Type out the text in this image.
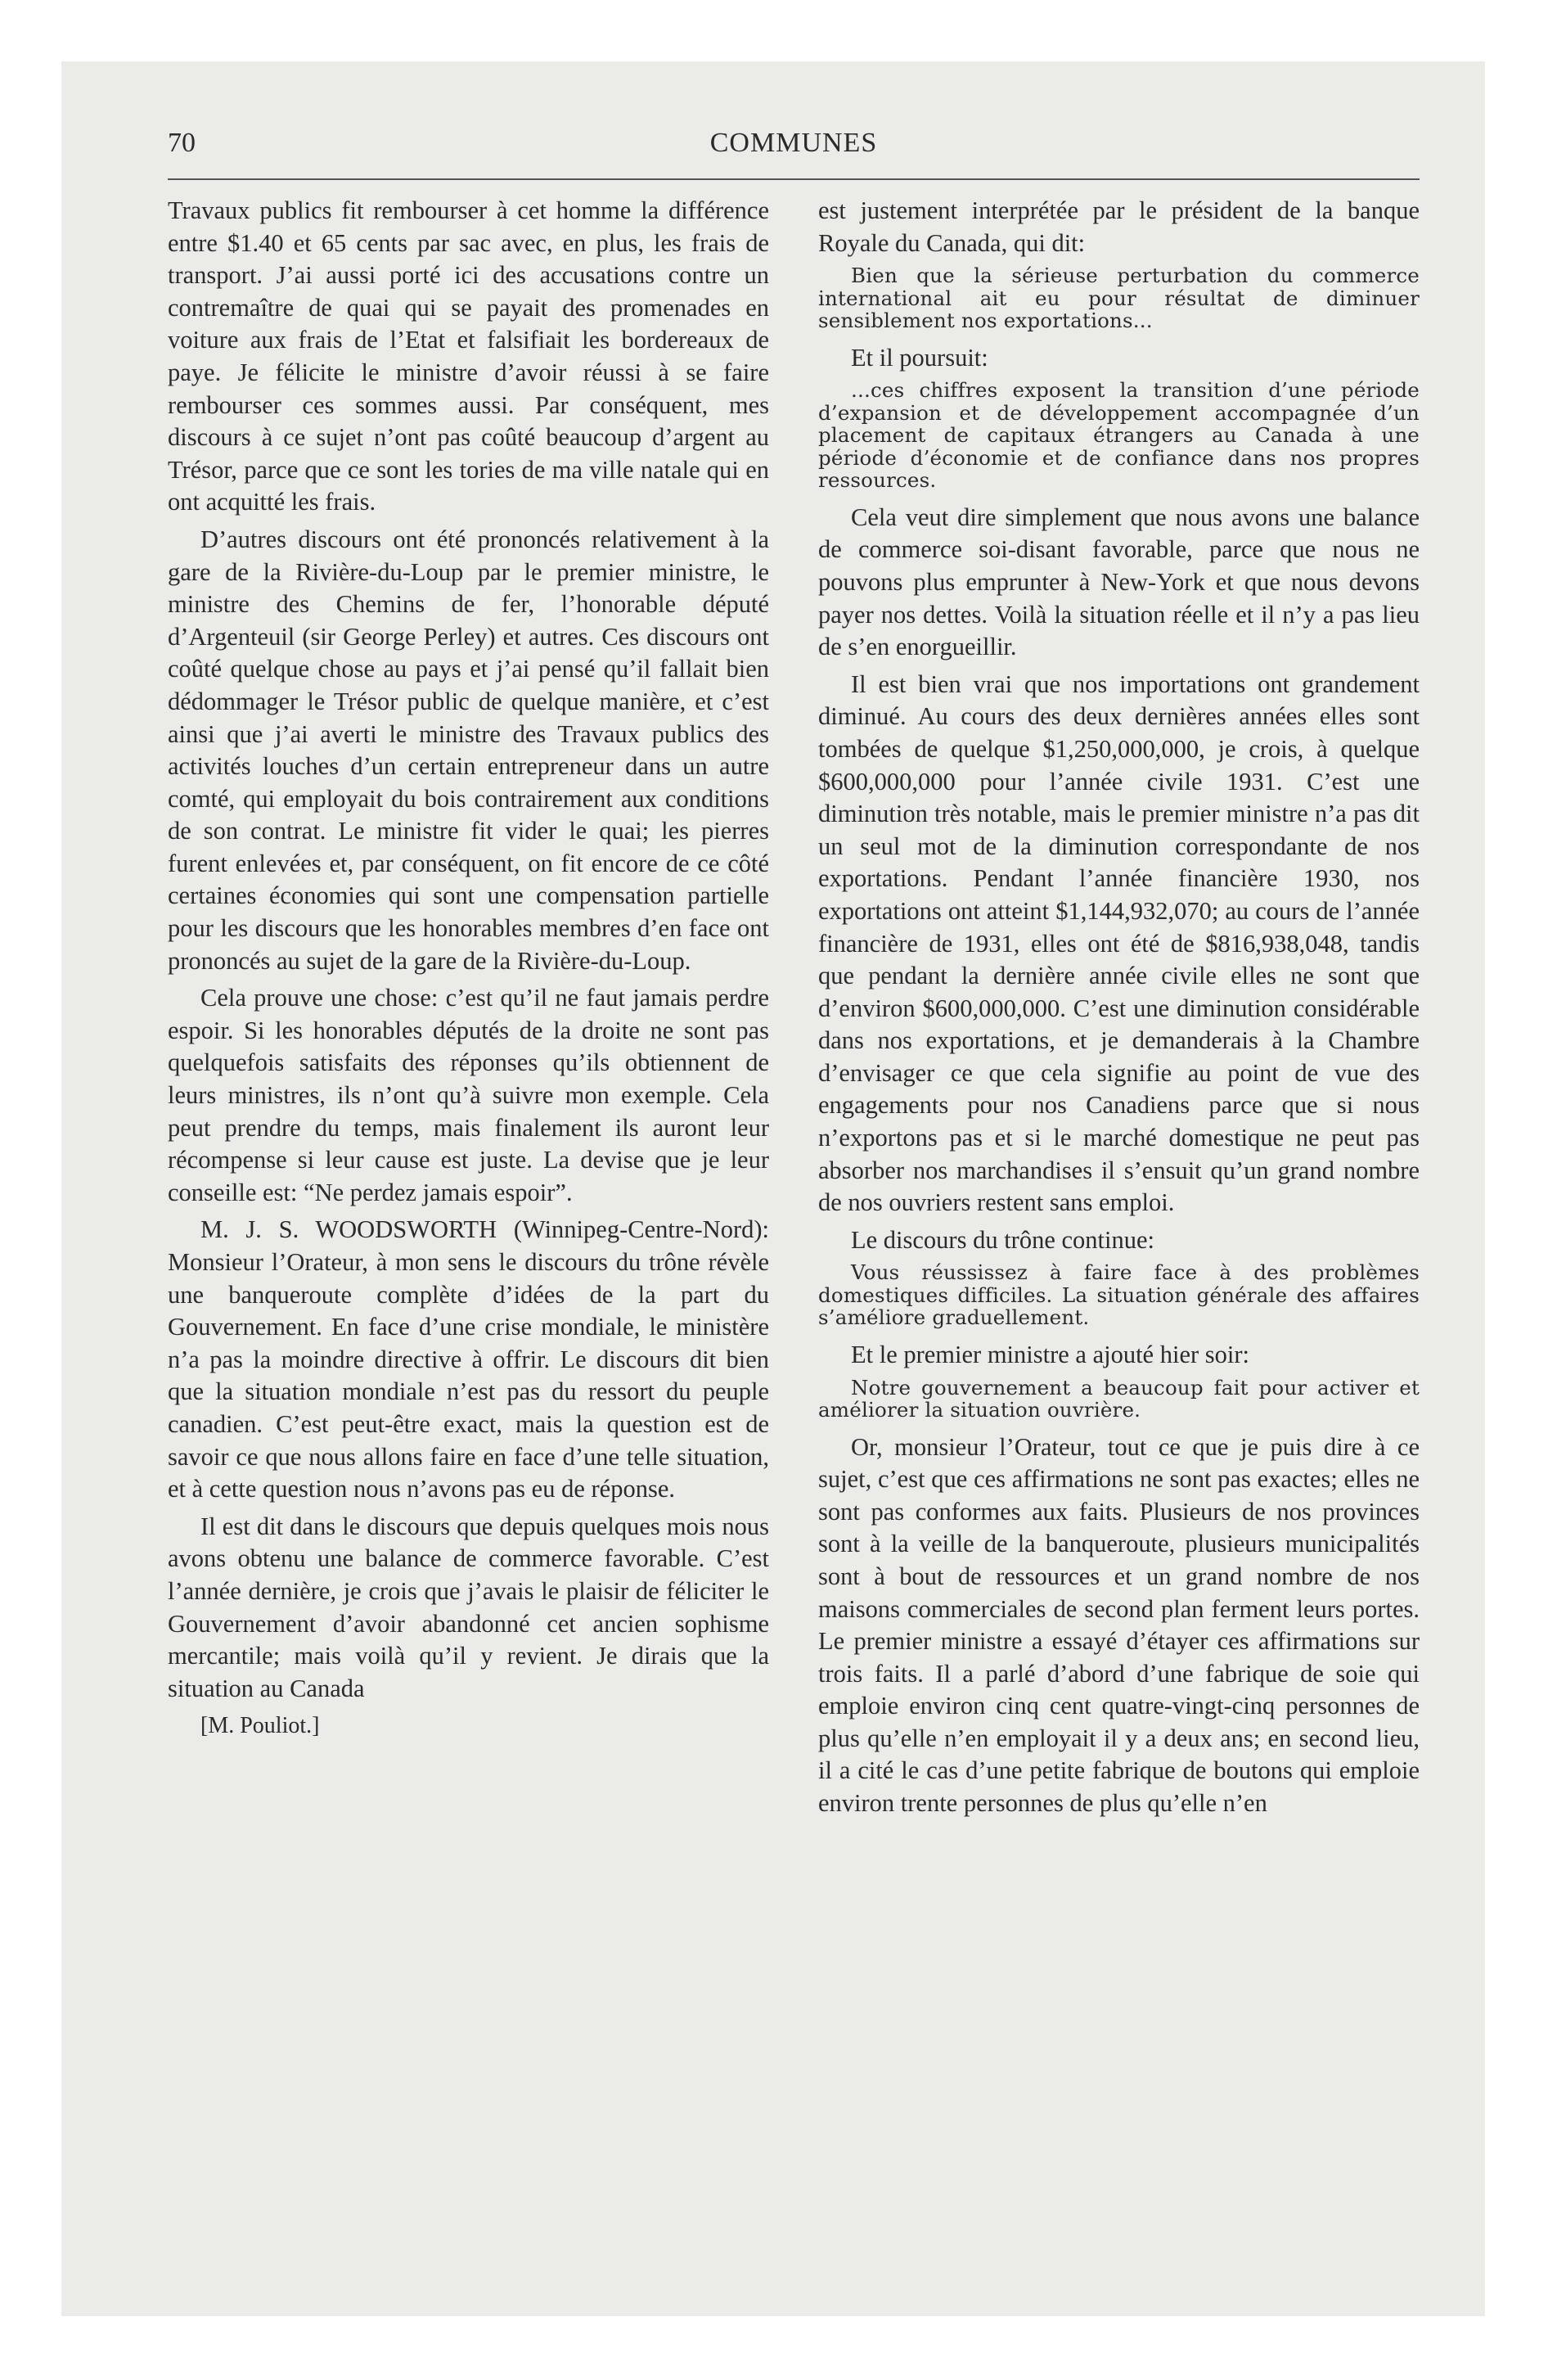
70	COMMUNES

Travaux publics fit rembourser à cet homme la différence entre $1.40 et 65 cents par sac avec, en plus, les frais de transport. J’ai aussi porté ici des accusations contre un contremaître de quai qui se payait des promenades en voiture aux frais de l’Etat et falsifiait les bordereaux de paye. Je félicite le ministre d’avoir réussi à se faire rembourser ces sommes aussi. Par conséquent, mes discours à ce sujet n’ont pas coûté beaucoup d’argent au Trésor, parce que ce sont les tories de ma ville natale qui en ont acquitté les frais.

D’autres discours ont été prononcés relativement à la gare de la Rivière-du-Loup par le premier ministre, le ministre des Chemins de fer, l’honorable député d’Argenteuil (sir George Perley) et autres. Ces discours ont coûté quelque chose au pays et j’ai pensé qu’il fallait bien dédommager le Trésor public de quelque manière, et c’est ainsi que j’ai averti le ministre des Travaux publics des activités louches d’un certain entrepreneur dans un autre comté, qui employait du bois contrairement aux conditions de son contrat. Le ministre fit vider le quai; les pierres furent enlevées et, par conséquent, on fit encore de ce côté certaines économies qui sont une compensation partielle pour les discours que les honorables membres d’en face ont prononcés au sujet de la gare de la Rivière-du-Loup.

Cela prouve une chose: c’est qu’il ne faut jamais perdre espoir. Si les honorables députés de la droite ne sont pas quelquefois satisfaits des réponses qu’ils obtiennent de leurs ministres, ils n’ont qu’à suivre mon exemple. Cela peut prendre du temps, mais finalement ils auront leur récompense si leur cause est juste. La devise que je leur conseille est: “Ne perdez jamais espoir”.

M. J. S. WOODSWORTH (Winnipeg-Centre-Nord): Monsieur l’Orateur, à mon sens le discours du trône révèle une banqueroute complète d’idées de la part du Gouvernement. En face d’une crise mondiale, le ministère n’a pas la moindre directive à offrir. Le discours dit bien que la situation mondiale n’est pas du ressort du peuple canadien. C’est peut-être exact, mais la question est de savoir ce que nous allons faire en face d’une telle situation, et à cette question nous n’avons pas eu de réponse.

Il est dit dans le discours que depuis quelques mois nous avons obtenu une balance de commerce favorable. C’est l’année dernière, je crois que j’avais le plaisir de féliciter le Gouvernement d’avoir abandonné cet ancien sophisme mercantile; mais voilà qu’il y revient. Je dirais que la situation au Canada

[M. Pouliot.]

est justement interprétée par le président de la banque Royale du Canada, qui dit:

Bien que la sérieuse perturbation du commerce international ait eu pour résultat de diminuer sensiblement nos exportations...

Et il poursuit:

...ces chiffres exposent la transition d’une période d’expansion et de développement accompagnée d’un placement de capitaux étrangers au Canada à une période d’économie et de confiance dans nos propres ressources.

Cela veut dire simplement que nous avons une balance de commerce soi-disant favorable, parce que nous ne pouvons plus emprunter à New-York et que nous devons payer nos dettes. Voilà la situation réelle et il n’y a pas lieu de s’en enorgueillir.

Il est bien vrai que nos importations ont grandement diminué. Au cours des deux dernières années elles sont tombées de quelque $1,250,000,000, je crois, à quelque $600,000,000 pour l’année civile 1931. C’est une diminution très notable, mais le premier ministre n’a pas dit un seul mot de la diminution correspondante de nos exportations. Pendant l’année financière 1930, nos exportations ont atteint $1,144,932,070; au cours de l’année financière de 1931, elles ont été de $816,938,048, tandis que pendant la dernière année civile elles ne sont que d’environ $600,000,000. C’est une diminution considérable dans nos exportations, et je demanderais à la Chambre d’envisager ce que cela signifie au point de vue des engagements pour nos Canadiens parce que si nous n’exportons pas et si le marché domestique ne peut pas absorber nos marchandises il s’ensuit qu’un grand nombre de nos ouvriers restent sans emploi.

Le discours du trône continue:

Vous réussissez à faire face à des problèmes domestiques difficiles. La situation générale des affaires s’améliore graduellement.

Et le premier ministre a ajouté hier soir:

Notre gouvernement a beaucoup fait pour activer et améliorer la situation ouvrière.

Or, monsieur l’Orateur, tout ce que je puis dire à ce sujet, c’est que ces affirmations ne sont pas exactes; elles ne sont pas conformes aux faits. Plusieurs de nos provinces sont à la veille de la banqueroute, plusieurs municipalités sont à bout de ressources et un grand nombre de nos maisons commerciales de second plan ferment leurs portes. Le premier ministre a essayé d’étayer ces affirmations sur trois faits. Il a parlé d’abord d’une fabrique de soie qui emploie environ cinq cent quatre-vingt-cinq personnes de plus qu’elle n’en employait il y a deux ans; en second lieu, il a cité le cas d’une petite fabrique de boutons qui emploie environ trente personnes de plus qu’elle n’en
